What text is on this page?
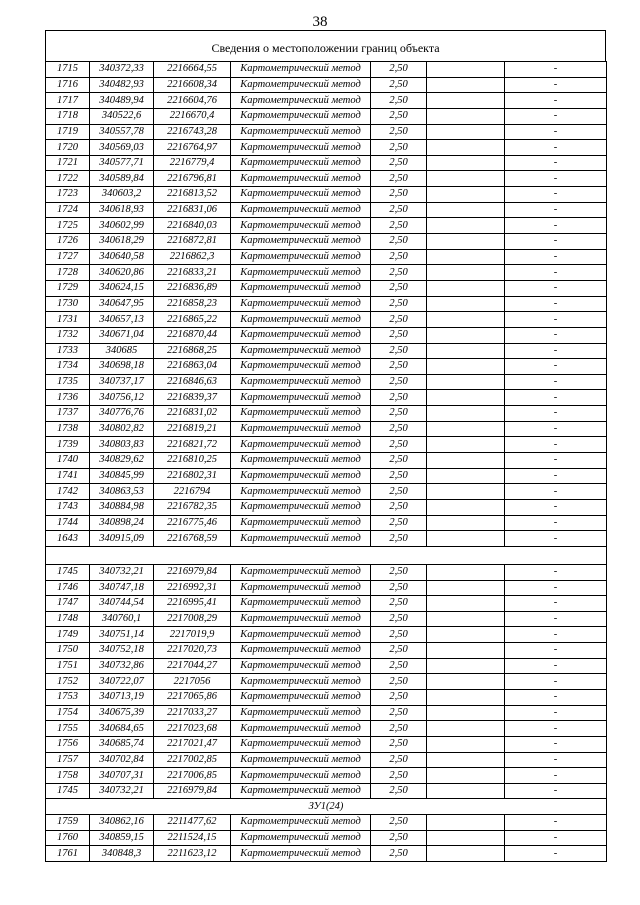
38
Сведения о местоположении границ объекта
1715	340372,33	2216664,55	Картометрический метод	2,50		-
1716	340482,93	2216608,34	Картометрический метод	2,50		-
1717	340489,94	2216604,76	Картометрический метод	2,50		-
1718	340522,6	2216670,4	Картометрический метод	2,50		-
1719	340557,78	2216743,28	Картометрический метод	2,50		-
1720	340569,03	2216764,97	Картометрический метод	2,50		-
1721	340577,71	2216779,4	Картометрический метод	2,50		-
1722	340589,84	2216796,81	Картометрический метод	2,50		-
1723	340603,2	2216813,52	Картометрический метод	2,50		-
1724	340618,93	2216831,06	Картометрический метод	2,50		-
1725	340602,99	2216840,03	Картометрический метод	2,50		-
1726	340618,29	2216872,81	Картометрический метод	2,50		-
1727	340640,58	2216862,3	Картометрический метод	2,50		-
1728	340620,86	2216833,21	Картометрический метод	2,50		-
1729	340624,15	2216836,89	Картометрический метод	2,50		-
1730	340647,95	2216858,23	Картометрический метод	2,50		-
1731	340657,13	2216865,22	Картометрический метод	2,50		-
1732	340671,04	2216870,44	Картометрический метод	2,50		-
1733	340685	2216868,25	Картометрический метод	2,50		-
1734	340698,18	2216863,04	Картометрический метод	2,50		-
1735	340737,17	2216846,63	Картометрический метод	2,50		-
1736	340756,12	2216839,37	Картометрический метод	2,50		-
1737	340776,76	2216831,02	Картометрический метод	2,50		-
1738	340802,82	2216819,21	Картометрический метод	2,50		-
1739	340803,83	2216821,72	Картометрический метод	2,50		-
1740	340829,62	2216810,25	Картометрический метод	2,50		-
1741	340845,99	2216802,31	Картометрический метод	2,50		-
1742	340863,53	2216794	Картометрический метод	2,50		-
1743	340884,98	2216782,35	Картометрический метод	2,50		-
1744	340898,24	2216775,46	Картометрический метод	2,50		-
1643	340915,09	2216768,59	Картометрический метод	2,50		-

1745	340732,21	2216979,84	Картометрический метод	2,50		-
1746	340747,18	2216992,31	Картометрический метод	2,50		-
1747	340744,54	2216995,41	Картометрический метод	2,50		-
1748	340760,1	2217008,29	Картометрический метод	2,50		-
1749	340751,14	2217019,9	Картометрический метод	2,50		-
1750	340752,18	2217020,73	Картометрический метод	2,50		-
1751	340732,86	2217044,27	Картометрический метод	2,50		-
1752	340722,07	2217056	Картометрический метод	2,50		-
1753	340713,19	2217065,86	Картометрический метод	2,50		-
1754	340675,39	2217033,27	Картометрический метод	2,50		-
1755	340684,65	2217023,68	Картометрический метод	2,50		-
1756	340685,74	2217021,47	Картометрический метод	2,50		-
1757	340702,84	2217002,85	Картометрический метод	2,50		-
1758	340707,31	2217006,85	Картометрический метод	2,50		-
1745	340732,21	2216979,84	Картометрический метод	2,50		-
ЗУ1(24)						
1759	340862,16	2211477,62	Картометрический метод	2,50		-
1760	340859,15	2211524,15	Картометрический метод	2,50		-
1761	340848,3	2211623,12	Картометрический метод	2,50		-
